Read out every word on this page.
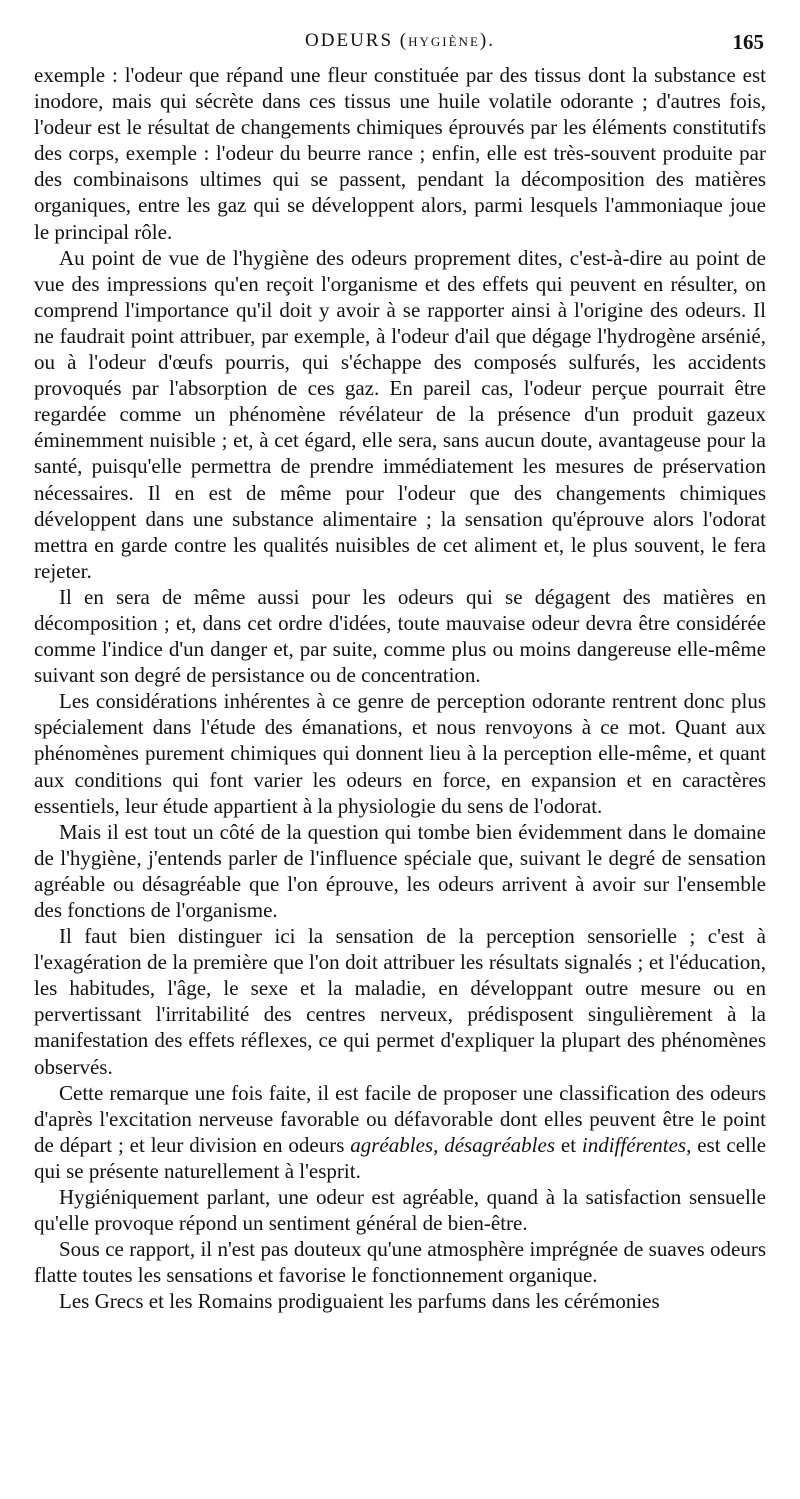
ODEURS (HYGIÈNE).	165

exemple : l'odeur que répand une fleur constituée par des tissus dont la substance est inodore, mais qui sécrète dans ces tissus une huile volatile odorante ; d'autres fois, l'odeur est le résultat de changements chimiques éprouvés par les éléments constitutifs des corps, exemple : l'odeur du beurre rance ; enfin, elle est très-souvent produite par des combinaisons ultimes qui se passent, pendant la décomposition des matières organiques, entre les gaz qui se développent alors, parmi lesquels l'ammoniaque joue le principal rôle.

Au point de vue de l'hygiène des odeurs proprement dites, c'est-à-dire au point de vue des impressions qu'en reçoit l'organisme et des effets qui peuvent en résulter, on comprend l'importance qu'il doit y avoir à se rapporter ainsi à l'origine des odeurs. Il ne faudrait point attribuer, par exemple, à l'odeur d'ail que dégage l'hydrogène arsénié, ou à l'odeur d'œufs pourris, qui s'échappe des composés sulfurés, les accidents provoqués par l'absorption de ces gaz. En pareil cas, l'odeur perçue pourrait être regardée comme un phénomène révélateur de la présence d'un produit gazeux éminemment nuisible ; et, à cet égard, elle sera, sans aucun doute, avantageuse pour la santé, puisqu'elle permettra de prendre immédiatement les mesures de préservation nécessaires. Il en est de même pour l'odeur que des changements chimiques développent dans une substance alimentaire ; la sensation qu'éprouve alors l'odorat mettra en garde contre les qualités nuisibles de cet aliment et, le plus souvent, le fera rejeter.

Il en sera de même aussi pour les odeurs qui se dégagent des matières en décomposition ; et, dans cet ordre d'idées, toute mauvaise odeur devra être considérée comme l'indice d'un danger et, par suite, comme plus ou moins dangereuse elle-même suivant son degré de persistance ou de concentration.

Les considérations inhérentes à ce genre de perception odorante rentrent donc plus spécialement dans l'étude des émanations, et nous renvoyons à ce mot. Quant aux phénomènes purement chimiques qui donnent lieu à la perception elle-même, et quant aux conditions qui font varier les odeurs en force, en expansion et en caractères essentiels, leur étude appartient à la physiologie du sens de l'odorat.

Mais il est tout un côté de la question qui tombe bien évidemment dans le domaine de l'hygiène, j'entends parler de l'influence spéciale que, suivant le degré de sensation agréable ou désagréable que l'on éprouve, les odeurs arrivent à avoir sur l'ensemble des fonctions de l'organisme.

Il faut bien distinguer ici la sensation de la perception sensorielle ; c'est à l'exagération de la première que l'on doit attribuer les résultats signalés ; et l'éducation, les habitudes, l'âge, le sexe et la maladie, en développant outre mesure ou en pervertissant l'irritabilité des centres nerveux, prédisposent singulièrement à la manifestation des effets réflexes, ce qui permet d'expliquer la plupart des phénomènes observés.

Cette remarque une fois faite, il est facile de proposer une classification des odeurs d'après l'excitation nerveuse favorable ou défavorable dont elles peuvent être le point de départ ; et leur division en odeurs agréables, désagréables et indifférentes, est celle qui se présente naturellement à l'esprit.

Hygiéniquement parlant, une odeur est agréable, quand à la satisfaction sensuelle qu'elle provoque répond un sentiment général de bien-être.

Sous ce rapport, il n'est pas douteux qu'une atmosphère imprégnée de suaves odeurs flatte toutes les sensations et favorise le fonctionnement organique.

Les Grecs et les Romains prodiguaient les parfums dans les cérémonies
